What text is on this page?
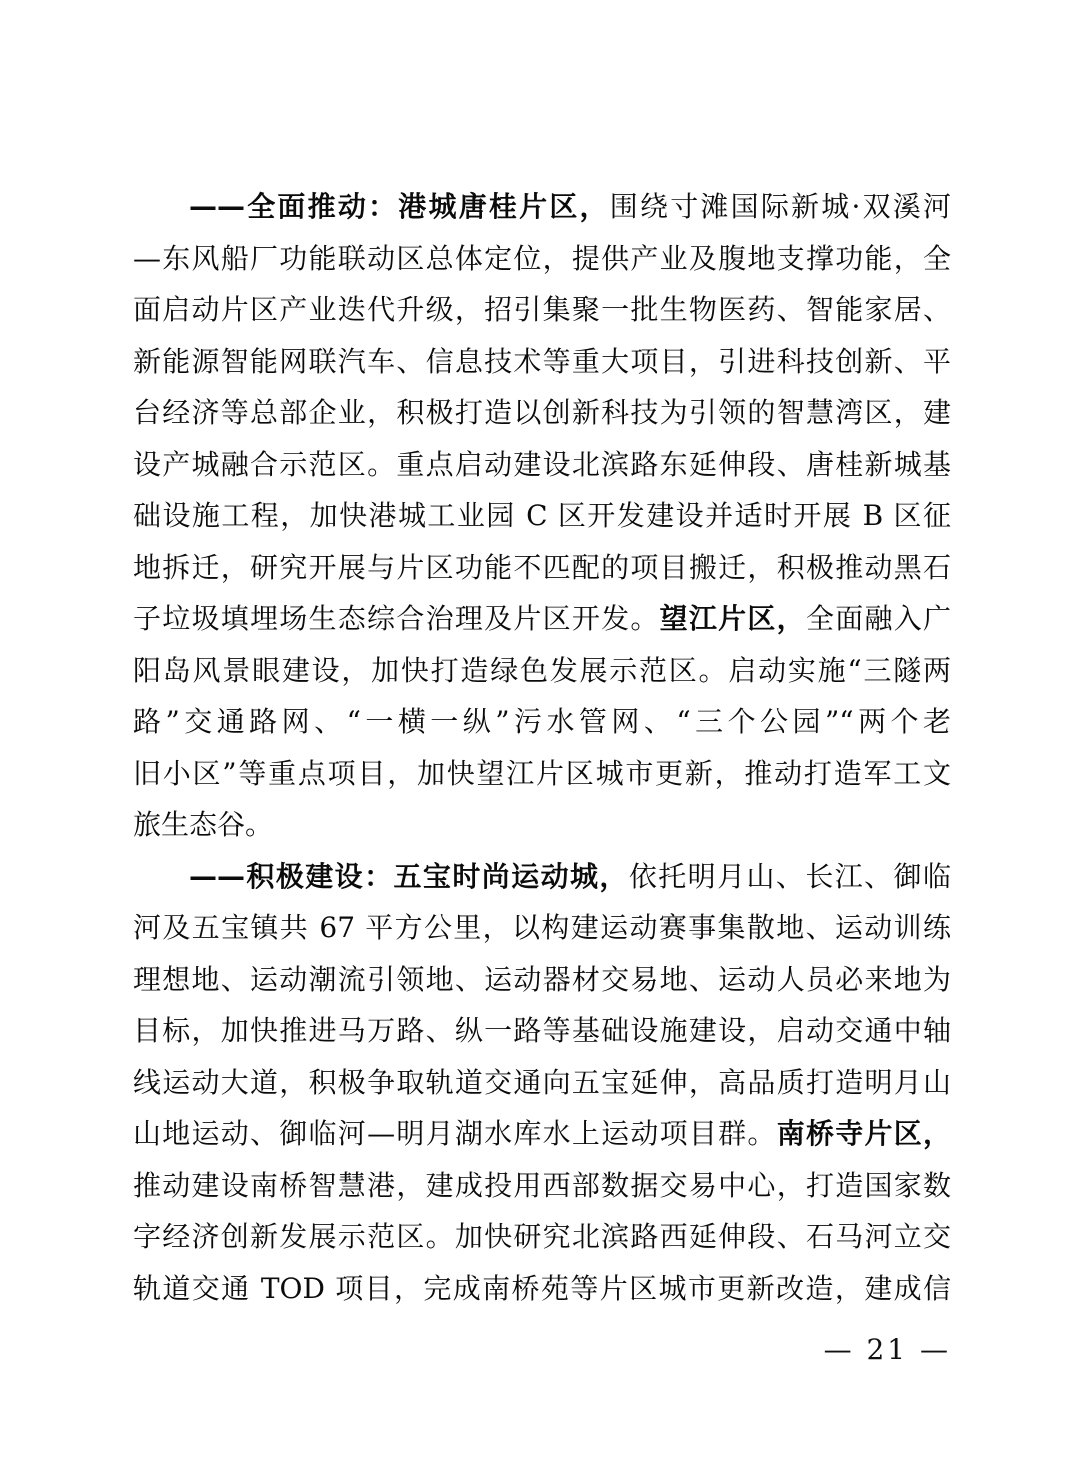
——全面推动：港城唐桂片区，围绕寸滩国际新城·双溪河
—东风船厂功能联动区总体定位，提供产业及腹地支撑功能，全
面启动片区产业迭代升级，招引集聚一批生物医药、智能家居、
新能源智能网联汽车、信息技术等重大项目，引进科技创新、平
台经济等总部企业，积极打造以创新科技为引领的智慧湾区，建
设产城融合示范区。重点启动建设北滨路东延伸段、唐桂新城基
础设施工程，加快港城工业园 C 区开发建设并适时开展 B 区征
地拆迁，研究开展与片区功能不匹配的项目搬迁，积极推动黑石
子垃圾填埋场生态综合治理及片区开发。望江片区，全面融入广
阳岛风景眼建设，加快打造绿色发展示范区。启动实施“三隧两
路”交通路网、“一横一纵”污水管网、“三个公园”“两个老
旧小区”等重点项目，加快望江片区城市更新，推动打造军工文
旅生态谷。
——积极建设：五宝时尚运动城，依托明月山、长江、御临
河及五宝镇共 67 平方公里，以构建运动赛事集散地、运动训练
理想地、运动潮流引领地、运动器材交易地、运动人员必来地为
目标，加快推进马万路、纵一路等基础设施建设，启动交通中轴
线运动大道，积极争取轨道交通向五宝延伸，高品质打造明月山
山地运动、御临河—明月湖水库水上运动项目群。南桥寺片区，
推动建设南桥智慧港，建成投用西部数据交易中心，打造国家数
字经济创新发展示范区。加快研究北滨路西延伸段、石马河立交
轨道交通 TOD 项目，完成南桥苑等片区城市更新改造，建成信
— 21 —
